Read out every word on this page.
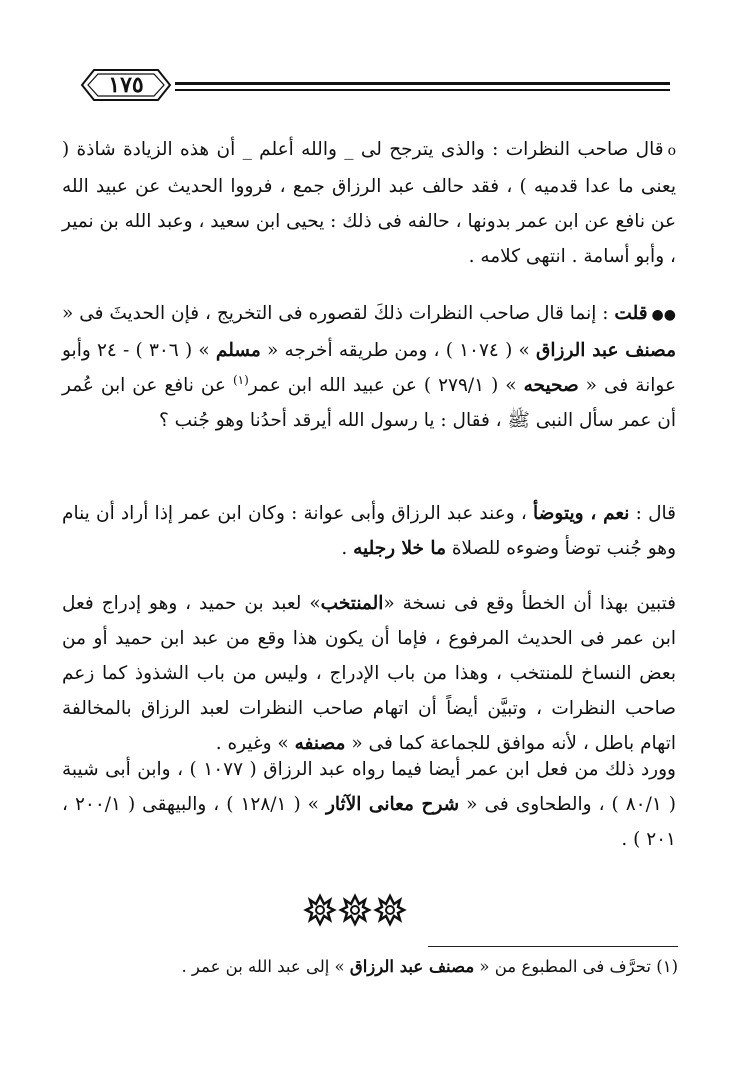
١٧٥

οقال صاحب النظرات : والذى يترجح لى _ والله أعلم _ أن هذه الزيادة شاذة ( يعنى ما عدا قدميه ) ، فقد حالف عبد الرزاق جمع ، فرووا الحديث عن عبيد الله عن نافع عن ابن عمر بدونها ، حالفه فى ذلك : يحيى ابن سعيد ، وعبد الله بن نمير ، وأبو أسامة . انتهى كلامه .

●●قلت : إنما قال صاحب النظرات ذلكَ لقصوره فى التخريج ، فإن الحديثَ فى « مصنف عبد الرزاق » ( ١٠٧٤ ) ، ومن طريقه أخرجه « مسلم » ( ٣٠٦ ) - ٢٤ وأبو عوانة فى « صحيحه » ( ٢٧٩/١ ) عن عبيد الله ابن عمر$^{(١)}$ عن نافع عن ابن عُمر أن عمر سأل النبى ﷺ ، فقال : يا رسول الله أيرقد أحدُنا وهو جُنب ؟

قال : نعم ، ويتوضأ ، وعند عبد الرزاق وأبى عوانة : وكان ابن عمر إذا أراد أن ينام وهو جُنب توضأ وضوءه للصلاة ما خلا رجليه .

فتبين بهذا أن الخطأ وقع فى نسخة «المنتخب» لعبد بن حميد ، وهو إدراج فعل ابن عمر فى الحديث المرفوع ، فإما أن يكون هذا وقع من عبد ابن حميد أو من بعض النساخ للمنتخب ، وهذا من باب الإدراج ، وليس من باب الشذوذ كما زعم صاحب النظرات ، وتبيَّن أيضاً أن اتهام صاحب النظرات لعبد الرزاق بالمخالفة اتهام باطل ، لأنه موافق للجماعة كما فى « مصنفه » وغيره .

وورد ذلك من فعل ابن عمر أيضا فيما رواه عبد الرزاق ( ١٠٧٧ ) ، وابن أبى شيبة ( ٨٠/١ ) ، والطحاوى فى « شرح معانى الآثار » ( ١٢٨/١ ) ، والبيهقى ( ٢٠٠/١ ، ٢٠١ ) .

(١) تحرَّف فى المطبوع من « مصنف عبد الرزاق » إلى عبد الله بن عمر .
